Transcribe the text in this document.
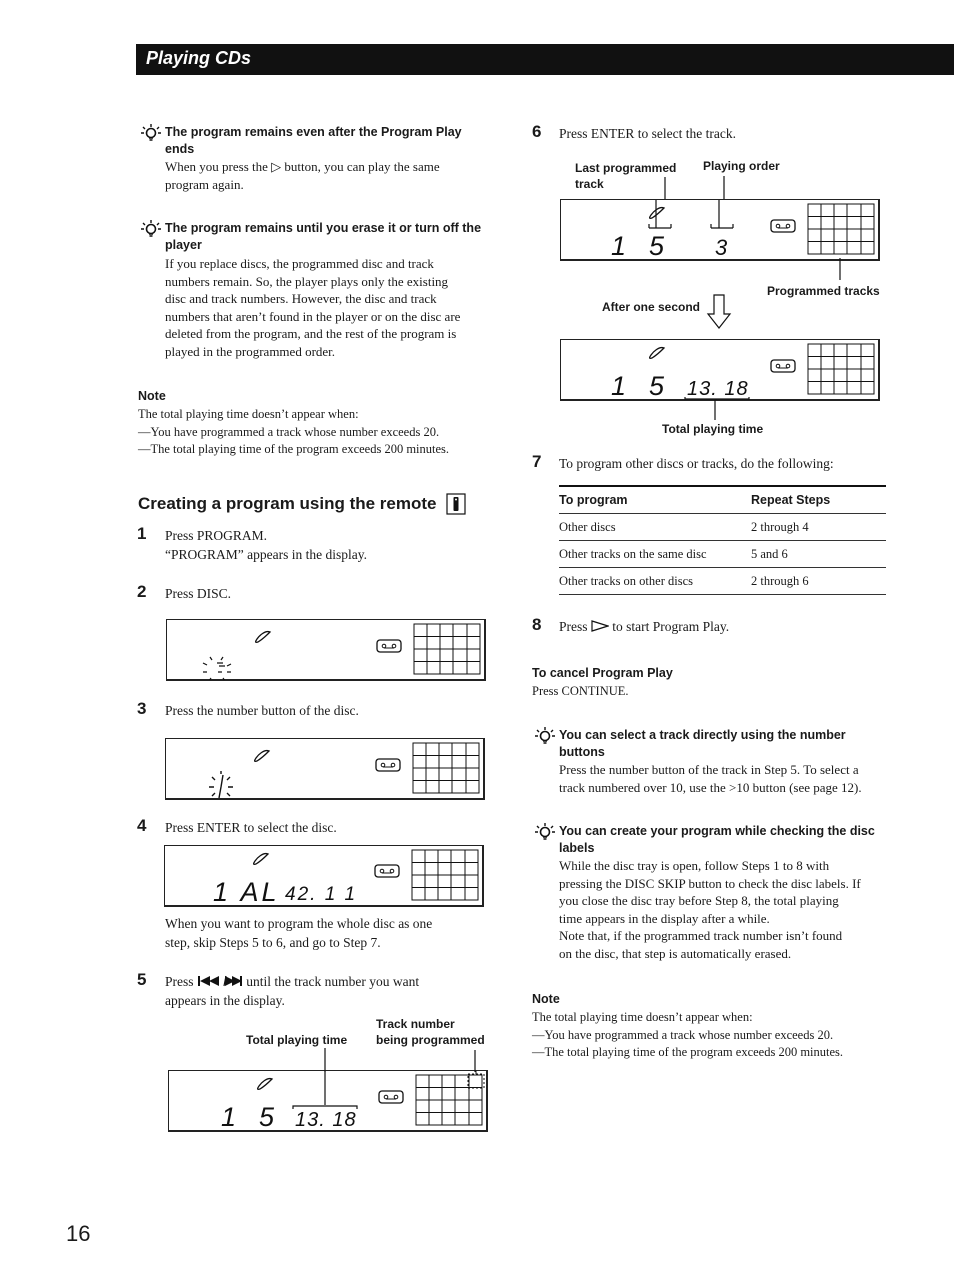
Playing CDs
The program remains even after the Program Play
ends
When you press the ▷ button, you can play the same
program again.
The program remains until you erase it or turn off the
player
If you replace discs, the programmed disc and track
numbers remain. So, the player plays only the existing
disc and track numbers. However, the disc and track
numbers that aren’t found in the player or on the disc are
deleted from the program, and the rest of the program is
played in the programmed order.
Note
The total playing time doesn’t appear when:
—You have programmed a track whose number exceeds 20.
—The total playing time of the program exceeds 200 minutes.
Creating a program using the remote
1 Press PROGRAM.
“PROGRAM” appears in the display.
2 Press DISC.
3 Press the number button of the disc.
4 Press ENTER to select the disc.
1 AL 42. 1 1
When you want to program the whole disc as one
step, skip Steps 5 to 6, and go to Step 7.
5 Press	until the track number you want
appears in the display.
Total playing time
Track number
being programmed
1 5 13. 18
6 Press ENTER to select the track.
Last programmed
track
Playing order
1 5 3
Programmed tracks
After one second
1 5 13. 18
Total playing time
7 To program other discs or tracks, do the following:
To program	Repeat Steps
Other discs	2 through 4
Other tracks on the same disc	5 and 6
Other tracks on other discs	2 through 6
8 Press to start Program Play.
To cancel Program Play
Press CONTINUE.
You can select a track directly using the number
buttons
Press the number button of the track in Step 5. To select a
track numbered over 10, use the >10 button (see page 12).
You can create your program while checking the disc
labels
While the disc tray is open, follow Steps 1 to 8 with
pressing the DISC SKIP button to check the disc labels. If
you close the disc tray before Step 8, the total playing
time appears in the display after a while.
Note that, if the programmed track number isn’t found
on the disc, that step is automatically erased.
Note
The total playing time doesn’t appear when:
—You have programmed a track whose number exceeds 20.
—The total playing time of the program exceeds 200 minutes.
16
